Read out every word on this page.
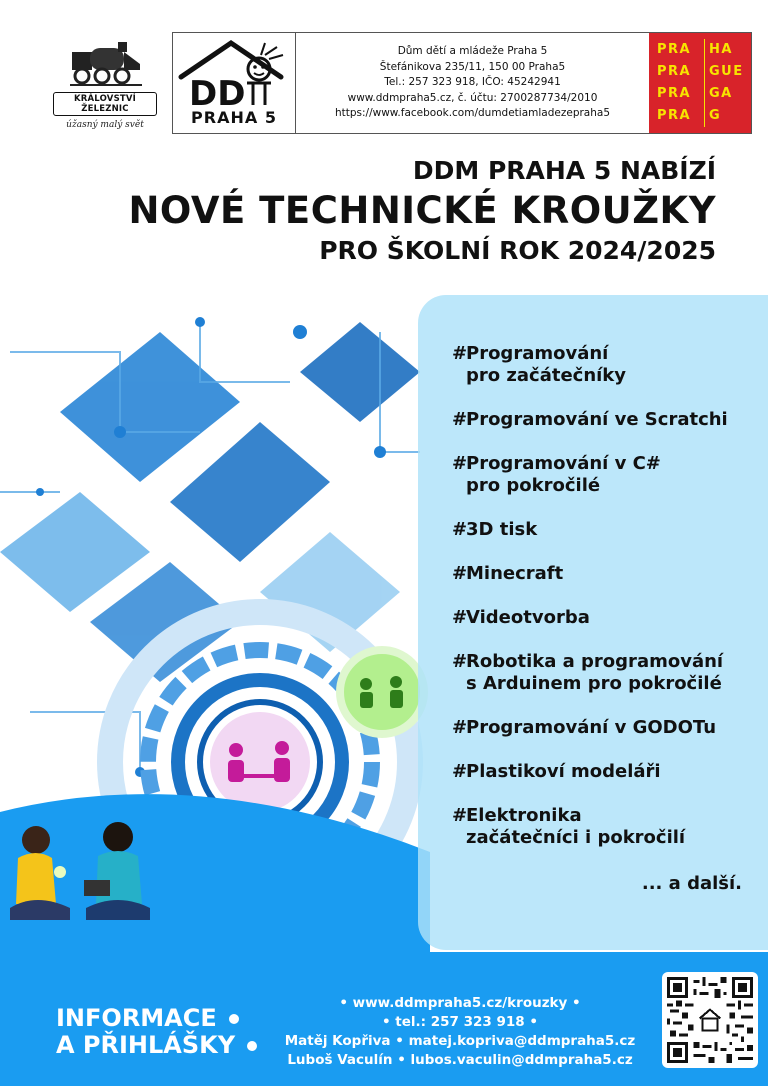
KRÁLOVSTVÍ ŽELEZNIC
úžasný malý svět
DD
PRAHA 5
Dům dětí a mládeže Praha 5
Štefánikova 235/11, 150 00 Praha5
Tel.: 257 323 918, IČO: 45242941
www.ddmpraha5.cz, č. účtu: 2700287734/2010
https://www.facebook.com/dumdetiamladezepraha5
PRA	HA
PRA	GUE
PRA	GA
PRA	G
DDM PRAHA 5 NABÍZÍ
NOVÉ TECHNICKÉ KROUŽKY
PRO ŠKOLNÍ ROK 2024/2025
#Programování
pro začátečníky
#Programování ve Scratchi
#Programování v C#
pro pokročilé
#3D tisk
#Minecraft
#Videotvorba
#Robotika a programování
s Arduinem pro pokročilé
#Programování v GODOTu
#Plastikoví modeláři
#Elektronika
začátečníci i pokročilí
... a další.
INFORMACE
A PŘIHLÁŠKY
• www.ddmpraha5.cz/krouzky •
• tel.: 257 323 918 •
Matěj Kopřiva • matej.kopriva@ddmpraha5.cz
Luboš Vaculín • lubos.vaculin@ddmpraha5.cz
